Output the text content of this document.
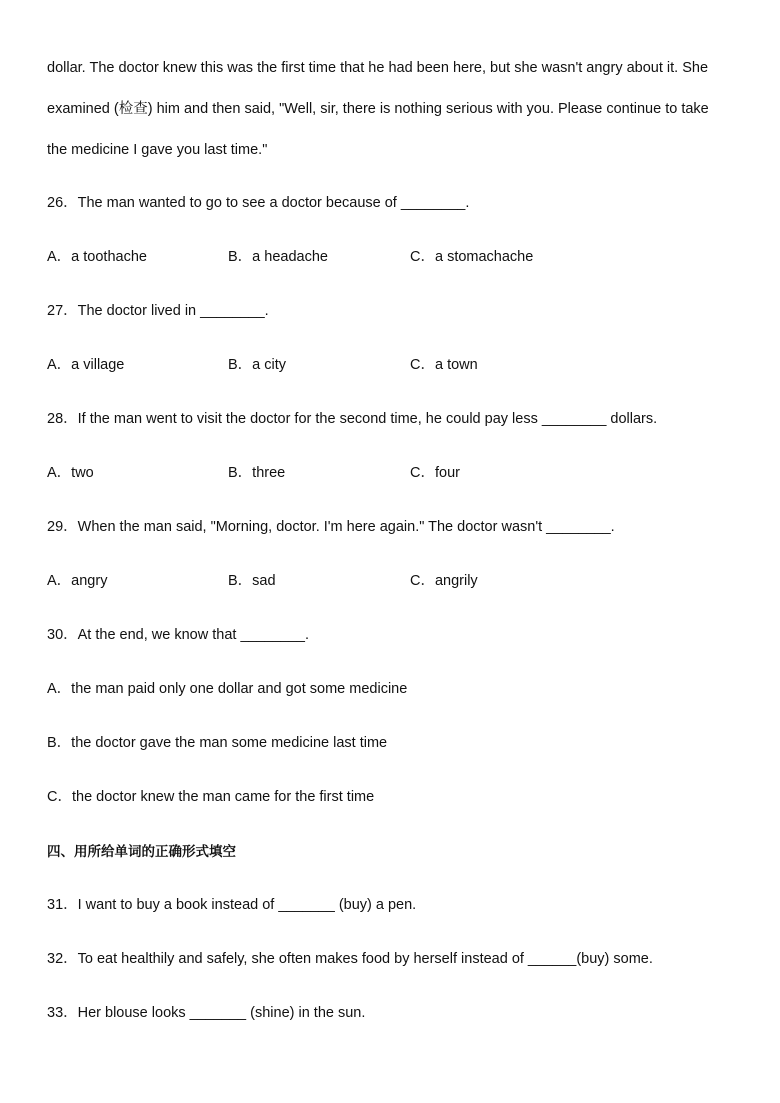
dollar. The doctor knew this was the first time that he had been here, but she wasn't angry about it. She
examined (检查) him and then said, "Well, sir, there is nothing serious with you. Please continue to take
the medicine I gave you last time."
26．The man wanted to go to see a doctor because of ________.
A．a toothache	B．a headache	C．a stomachache
27．The doctor lived in ________.
A．a village	B．a city	C．a town
28．If the man went to visit the doctor for the second time, he could pay less ________ dollars.
A．two	B．three	C．four
29．When the man said, "Morning, doctor. I'm here again." The doctor wasn't ________.
A．angry	B．sad	C．angrily
30．At the end, we know that ________.
A．the man paid only one dollar and got some medicine
B．the doctor gave the man some medicine last time
C．the doctor knew the man came for the first time
四、用所给单词的正确形式填空
31．I want to buy a book instead of _______ (buy) a pen.
32．To eat healthily and safely, she often makes food by herself instead of ______(buy) some.
33．Her blouse looks _______ (shine) in the sun.
